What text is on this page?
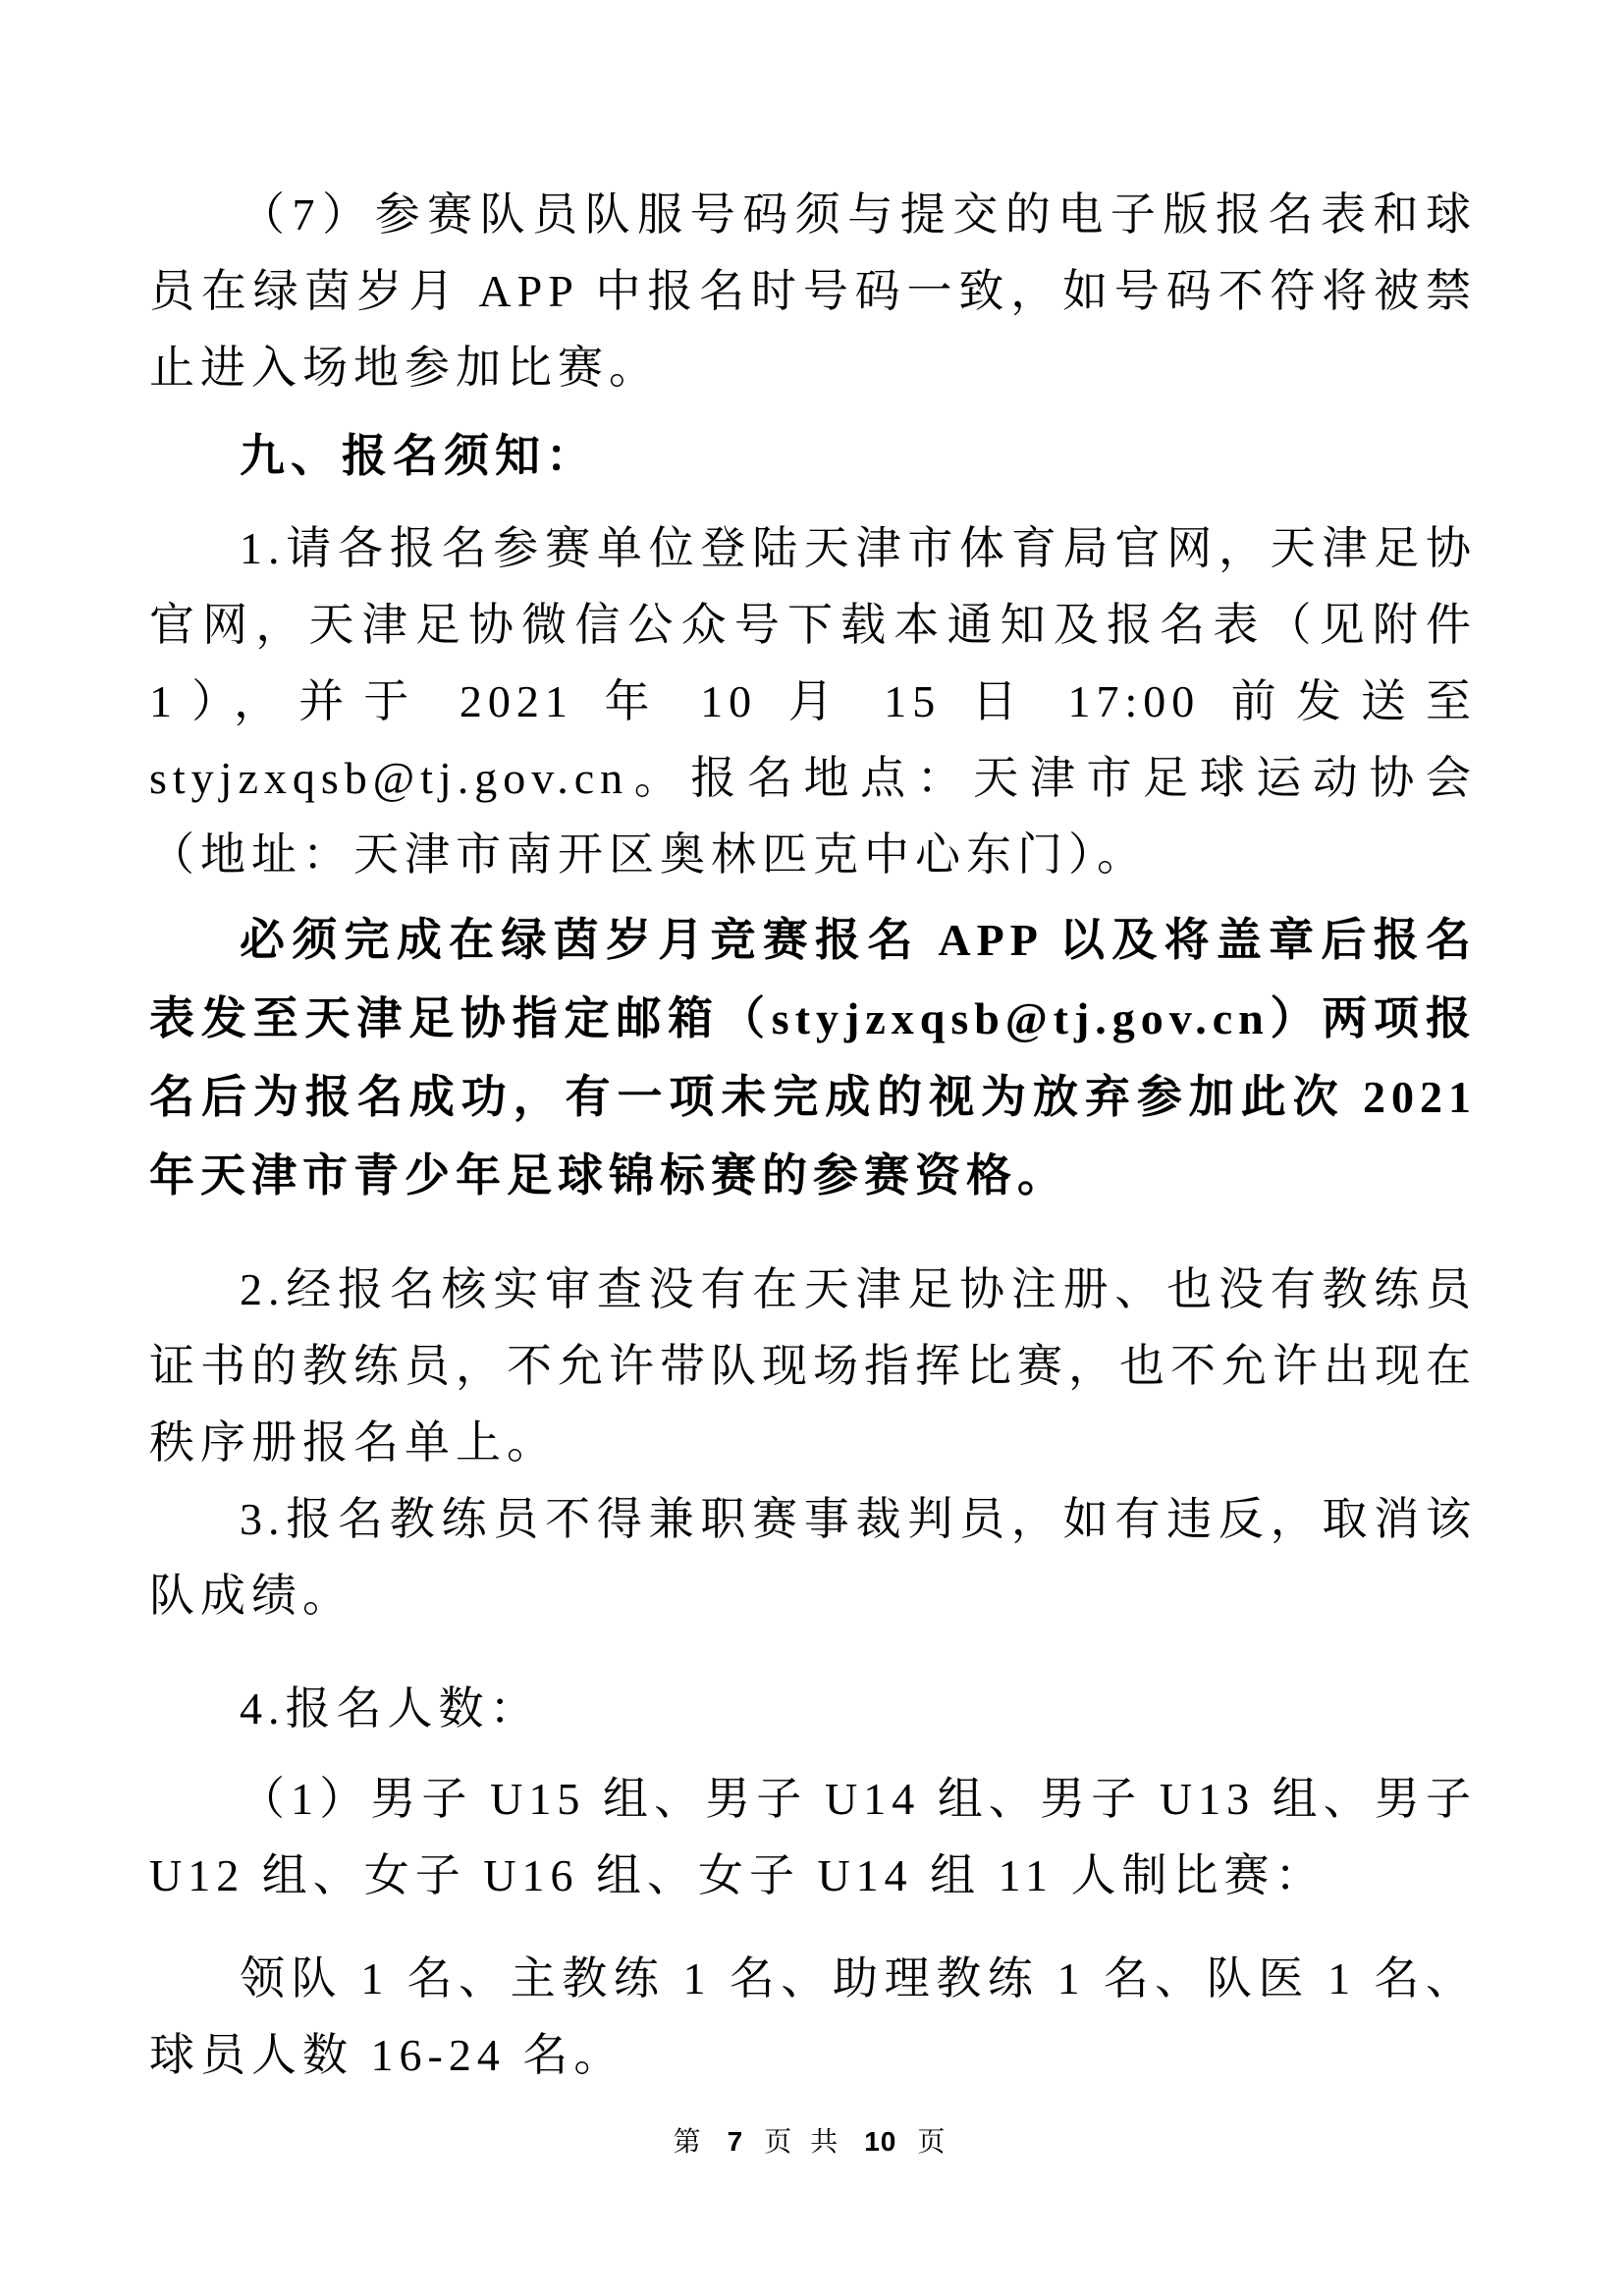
（7）参赛队员队服号码须与提交的电子版报名表和球员在绿茵岁月 APP 中报名时号码一致，如号码不符将被禁止进入场地参加比赛。

九、报名须知：

1.请各报名参赛单位登陆天津市体育局官网，天津足协官网，天津足协微信公众号下载本通知及报名表（见附件 1），并于 2021 年 10 月 15 日 17:00 前发送至 styjzxqsb@tj.gov.cn。报名地点：天津市足球运动协会（地址：天津市南开区奥林匹克中心东门）。

必须完成在绿茵岁月竞赛报名 APP 以及将盖章后报名表发至天津足协指定邮箱（styjzxqsb@tj.gov.cn）两项报名后为报名成功，有一项未完成的视为放弃参加此次 2021 年天津市青少年足球锦标赛的参赛资格。

2.经报名核实审查没有在天津足协注册、也没有教练员证书的教练员，不允许带队现场指挥比赛，也不允许出现在秩序册报名单上。

3.报名教练员不得兼职赛事裁判员，如有违反，取消该队成绩。

4.报名人数：

（1）男子 U15 组、男子 U14 组、男子 U13 组、男子 U12 组、女子 U16 组、女子 U14 组 11 人制比赛：

领队 1 名、主教练 1 名、助理教练 1 名、队医 1 名、球员人数 16-24 名。

第 7 页 共 10 页
